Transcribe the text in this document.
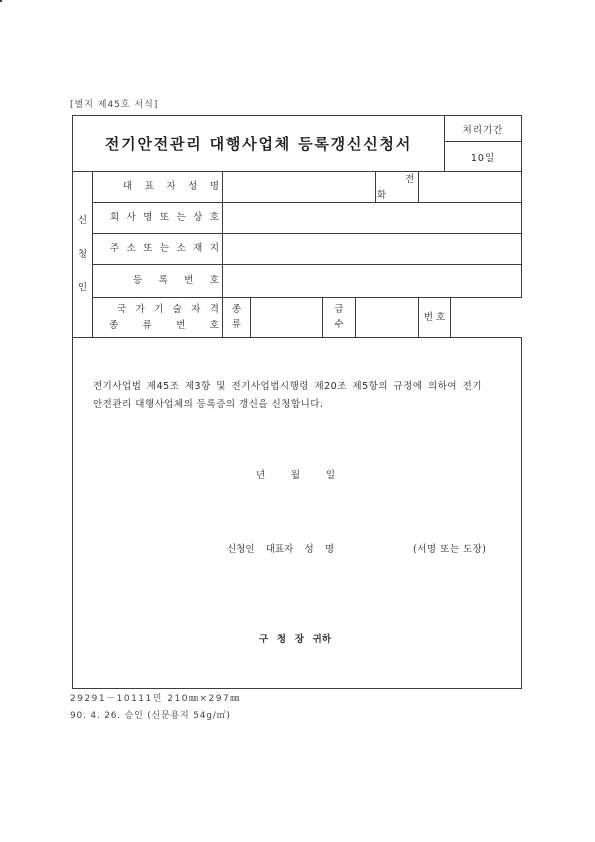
[별지 제45호 서식]
전기안전관리 대행사업체 등록갱신신청서
처리기간
10일
신
청
인
대 표 자 성 명
전
화
회 사 명 또 는 상 호
주 소 또 는 소 재 지
등 록 번 호
국 가 기 술 자 격
종 류 번 호
종
류
급
수
번 호
전기사업법 제45조 제3항 및 전기사업법시행령 제20조 제5항의 규정에 의하여 전기
안전관리 대행사업체의 등록증의 갱신을 신청합니다.
년 월 일
신청인 대표자 성 명	(서명 또는 도장)
구 청 장 귀하
29291－10111민 210㎜×297㎜
90. 4. 26. 승인 (신문용지 54g/㎡)
